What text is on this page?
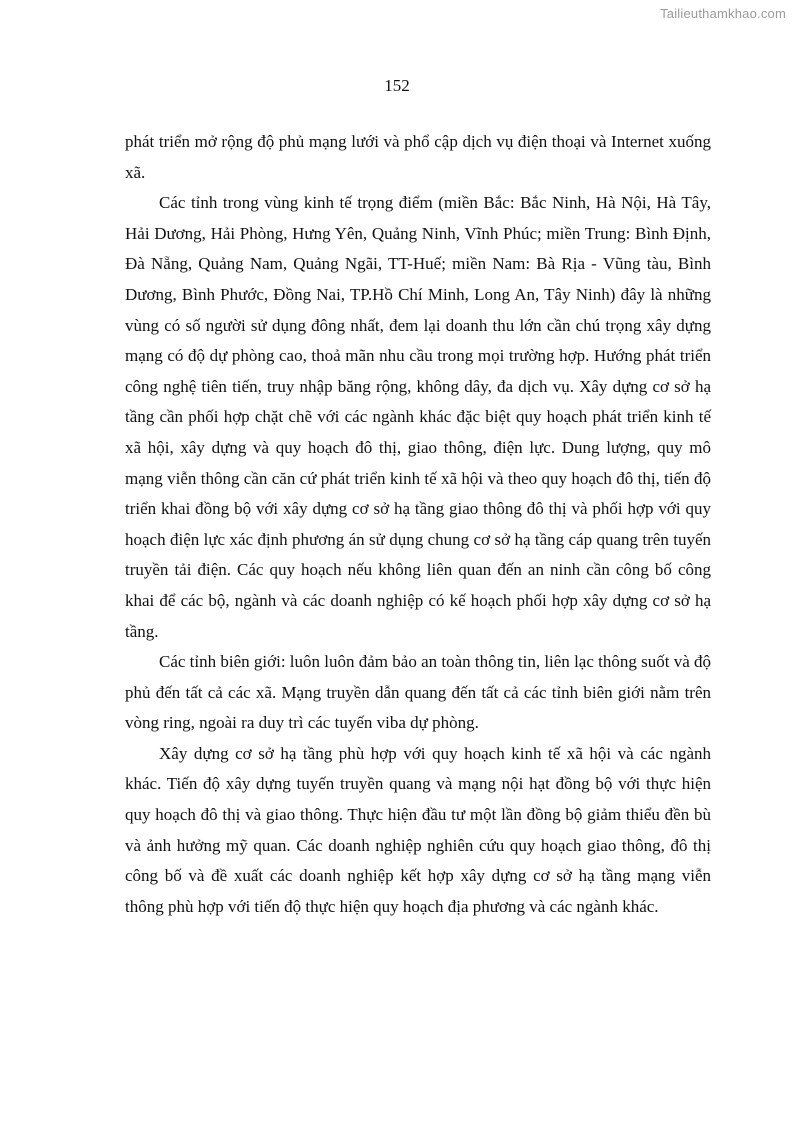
Tailieuthamkhao.com
152

phát triển mở rộng độ phủ mạng lưới và phổ cập dịch vụ điện thoại và Internet xuống xã.

Các tỉnh trong vùng kinh tế trọng điểm (miền Bắc: Bắc Ninh, Hà Nội, Hà Tây, Hải Dương, Hải Phòng, Hưng Yên, Quảng Ninh, Vĩnh Phúc; miền Trung: Bình Định, Đà Nẵng, Quảng Nam, Quảng Ngãi, TT-Huế; miền Nam: Bà Rịa - Vũng tàu, Bình Dương, Bình Phước, Đồng Nai, TP.Hồ Chí Minh, Long An, Tây Ninh) đây là những vùng có số người sử dụng đông nhất, đem lại doanh thu lớn cần chú trọng xây dựng mạng có độ dự phòng cao, thoả mãn nhu cầu trong mọi trường hợp. Hướng phát triển công nghệ tiên tiến, truy nhập băng rộng, không dây, đa dịch vụ. Xây dựng cơ sở hạ tầng cần phối hợp chặt chẽ với các ngành khác đặc biệt quy hoạch phát triển kinh tế xã hội, xây dựng và quy hoạch đô thị, giao thông, điện lực. Dung lượng, quy mô mạng viễn thông cần căn cứ phát triển kinh tế xã hội và theo quy hoạch đô thị, tiến độ triển khai đồng bộ với xây dựng cơ sở hạ tầng giao thông đô thị và phối hợp với quy hoạch điện lực xác định phương án sử dụng chung cơ sở hạ tầng cáp quang trên tuyến truyền tải điện. Các quy hoạch nếu không liên quan đến an ninh cần công bố công khai để các bộ, ngành và các doanh nghiệp có kế hoạch phối hợp xây dựng cơ sở hạ tầng.

Các tỉnh biên giới: luôn luôn đảm bảo an toàn thông tin, liên lạc thông suốt và độ phủ đến tất cả các xã. Mạng truyền dẫn quang đến tất cả các tỉnh biên giới nằm trên vòng ring, ngoài ra duy trì các tuyến viba dự phòng.

Xây dựng cơ sở hạ tầng phù hợp với quy hoạch kinh tế xã hội và các ngành khác. Tiến độ xây dựng tuyến truyền quang và mạng nội hạt đồng bộ với thực hiện quy hoạch đô thị và giao thông. Thực hiện đầu tư một lần đồng bộ giảm thiểu đền bù và ảnh hưởng mỹ quan. Các doanh nghiệp nghiên cứu quy hoạch giao thông, đô thị công bố và đề xuất các doanh nghiệp kết hợp xây dựng cơ sở hạ tầng mạng viễn thông phù hợp với tiến độ thực hiện quy hoạch địa phương và các ngành khác.
